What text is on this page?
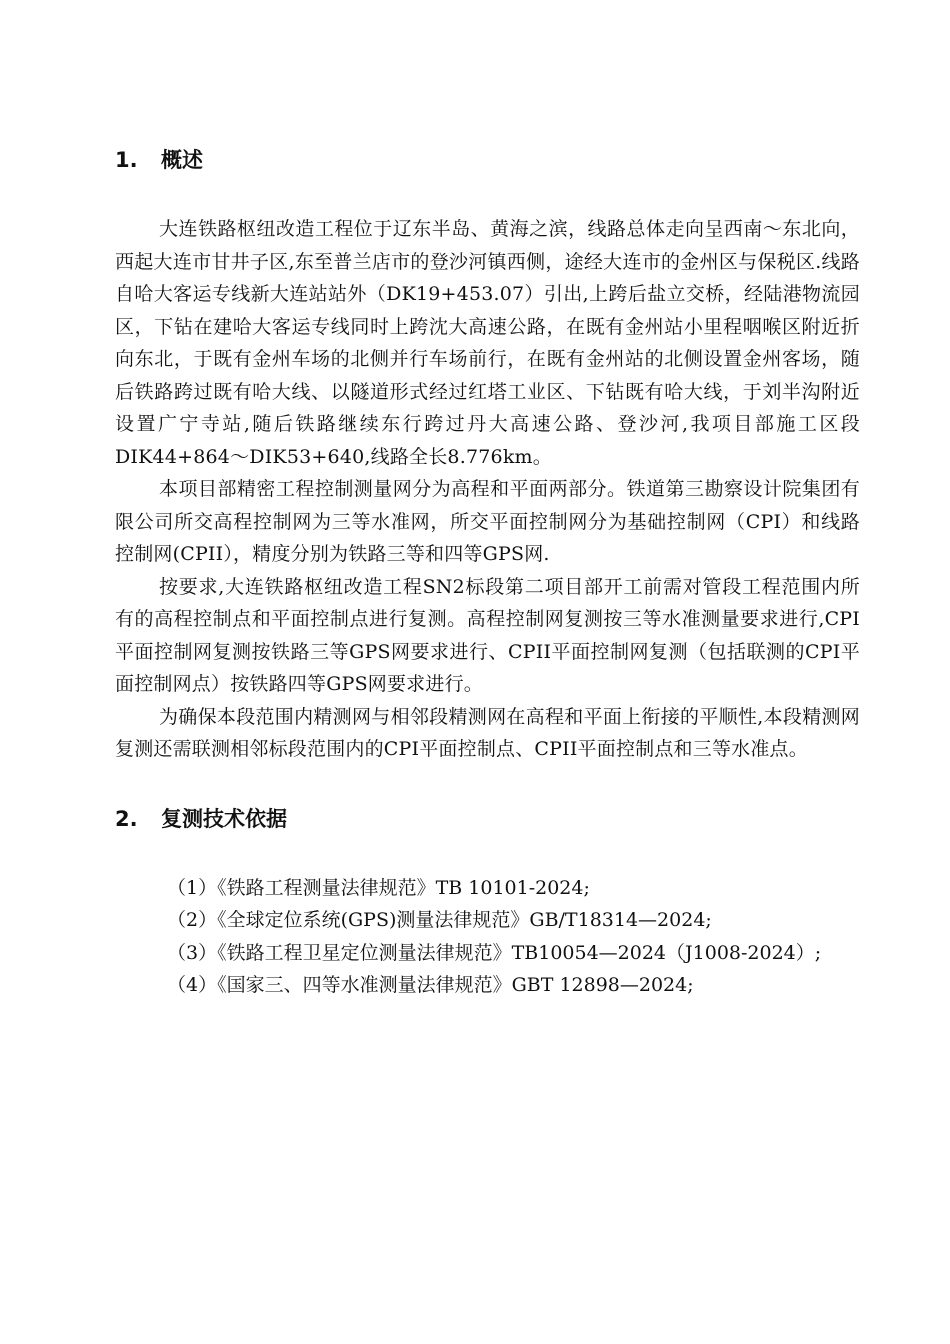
1. 概述

大连铁路枢纽改造工程位于辽东半岛、黄海之滨，线路总体走向呈西南～东北向，西起大连市甘井子区,东至普兰店市的登沙河镇西侧，途经大连市的金州区与保税区.线路自哈大客运专线新大连站站外（DK19+453.07）引出,上跨后盐立交桥，经陆港物流园区，下钻在建哈大客运专线同时上跨沈大高速公路，在既有金州站小里程咽喉区附近折向东北，于既有金州车场的北侧并行车场前行，在既有金州站的北侧设置金州客场，随后铁路跨过既有哈大线、以隧道形式经过红塔工业区、下钻既有哈大线，于刘半沟附近设置广宁寺站,随后铁路继续东行跨过丹大高速公路、登沙河,我项目部施工区段DIK44+864～DIK53+640,线路全长8.776km。

本项目部精密工程控制测量网分为高程和平面两部分。铁道第三勘察设计院集团有限公司所交高程控制网为三等水准网，所交平面控制网分为基础控制网（CPI）和线路控制网(CPII），精度分别为铁路三等和四等GPS网.

按要求,大连铁路枢纽改造工程SN2标段第二项目部开工前需对管段工程范围内所有的高程控制点和平面控制点进行复测。高程控制网复测按三等水准测量要求进行,CPI平面控制网复测按铁路三等GPS网要求进行、CPII平面控制网复测（包括联测的CPI平面控制网点）按铁路四等GPS网要求进行。

为确保本段范围内精测网与相邻段精测网在高程和平面上衔接的平顺性,本段精测网复测还需联测相邻标段范围内的CPI平面控制点、CPII平面控制点和三等水准点。

2. 复测技术依据

（1）《铁路工程测量法律规范》TB 10101-2024;

（2）《全球定位系统(GPS)测量法律规范》GB/T18314—2024;

（3）《铁路工程卫星定位测量法律规范》TB10054—2024（J1008-2024）;

（4）《国家三、四等水准测量法律规范》GBT 12898—2024;
